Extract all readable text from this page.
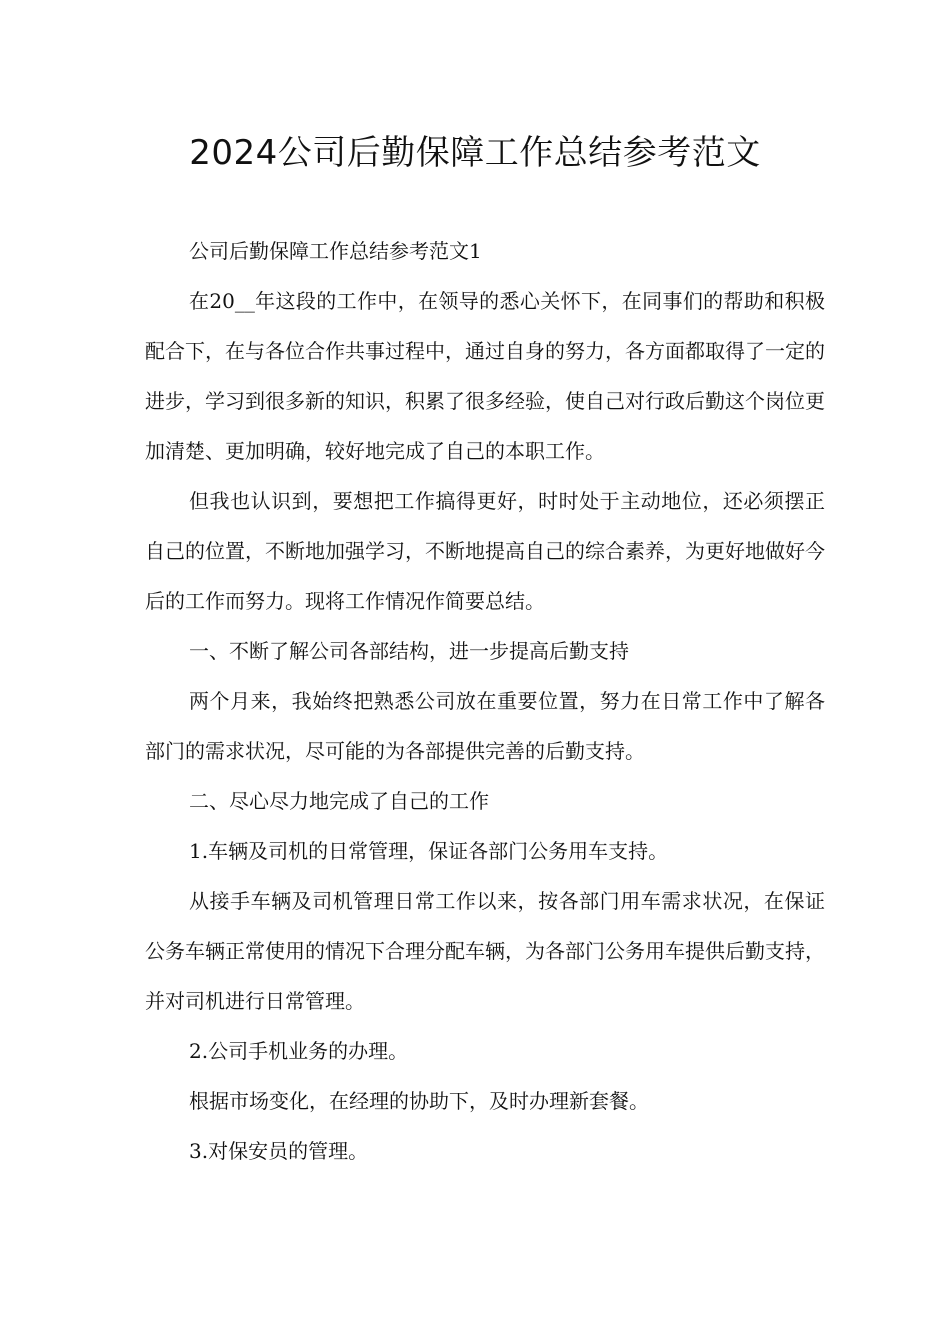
2024公司后勤保障工作总结参考范文

公司后勤保障工作总结参考范文1

在20__年这段的工作中，在领导的悉心关怀下，在同事们的帮助和积极配合下，在与各位合作共事过程中，通过自身的努力，各方面都取得了一定的进步，学习到很多新的知识，积累了很多经验，使自己对行政后勤这个岗位更加清楚、更加明确，较好地完成了自己的本职工作。

但我也认识到，要想把工作搞得更好，时时处于主动地位，还必须摆正自己的位置，不断地加强学习，不断地提高自己的综合素养，为更好地做好今后的工作而努力。现将工作情况作简要总结。

一、不断了解公司各部结构，进一步提高后勤支持

两个月来，我始终把熟悉公司放在重要位置，努力在日常工作中了解各部门的需求状况，尽可能的为各部提供完善的后勤支持。

二、尽心尽力地完成了自己的工作

1.车辆及司机的日常管理，保证各部门公务用车支持。

从接手车辆及司机管理日常工作以来，按各部门用车需求状况，在保证公务车辆正常使用的情况下合理分配车辆，为各部门公务用车提供后勤支持，并对司机进行日常管理。

2.公司手机业务的办理。

根据市场变化，在经理的协助下，及时办理新套餐。

3.对保安员的管理。
